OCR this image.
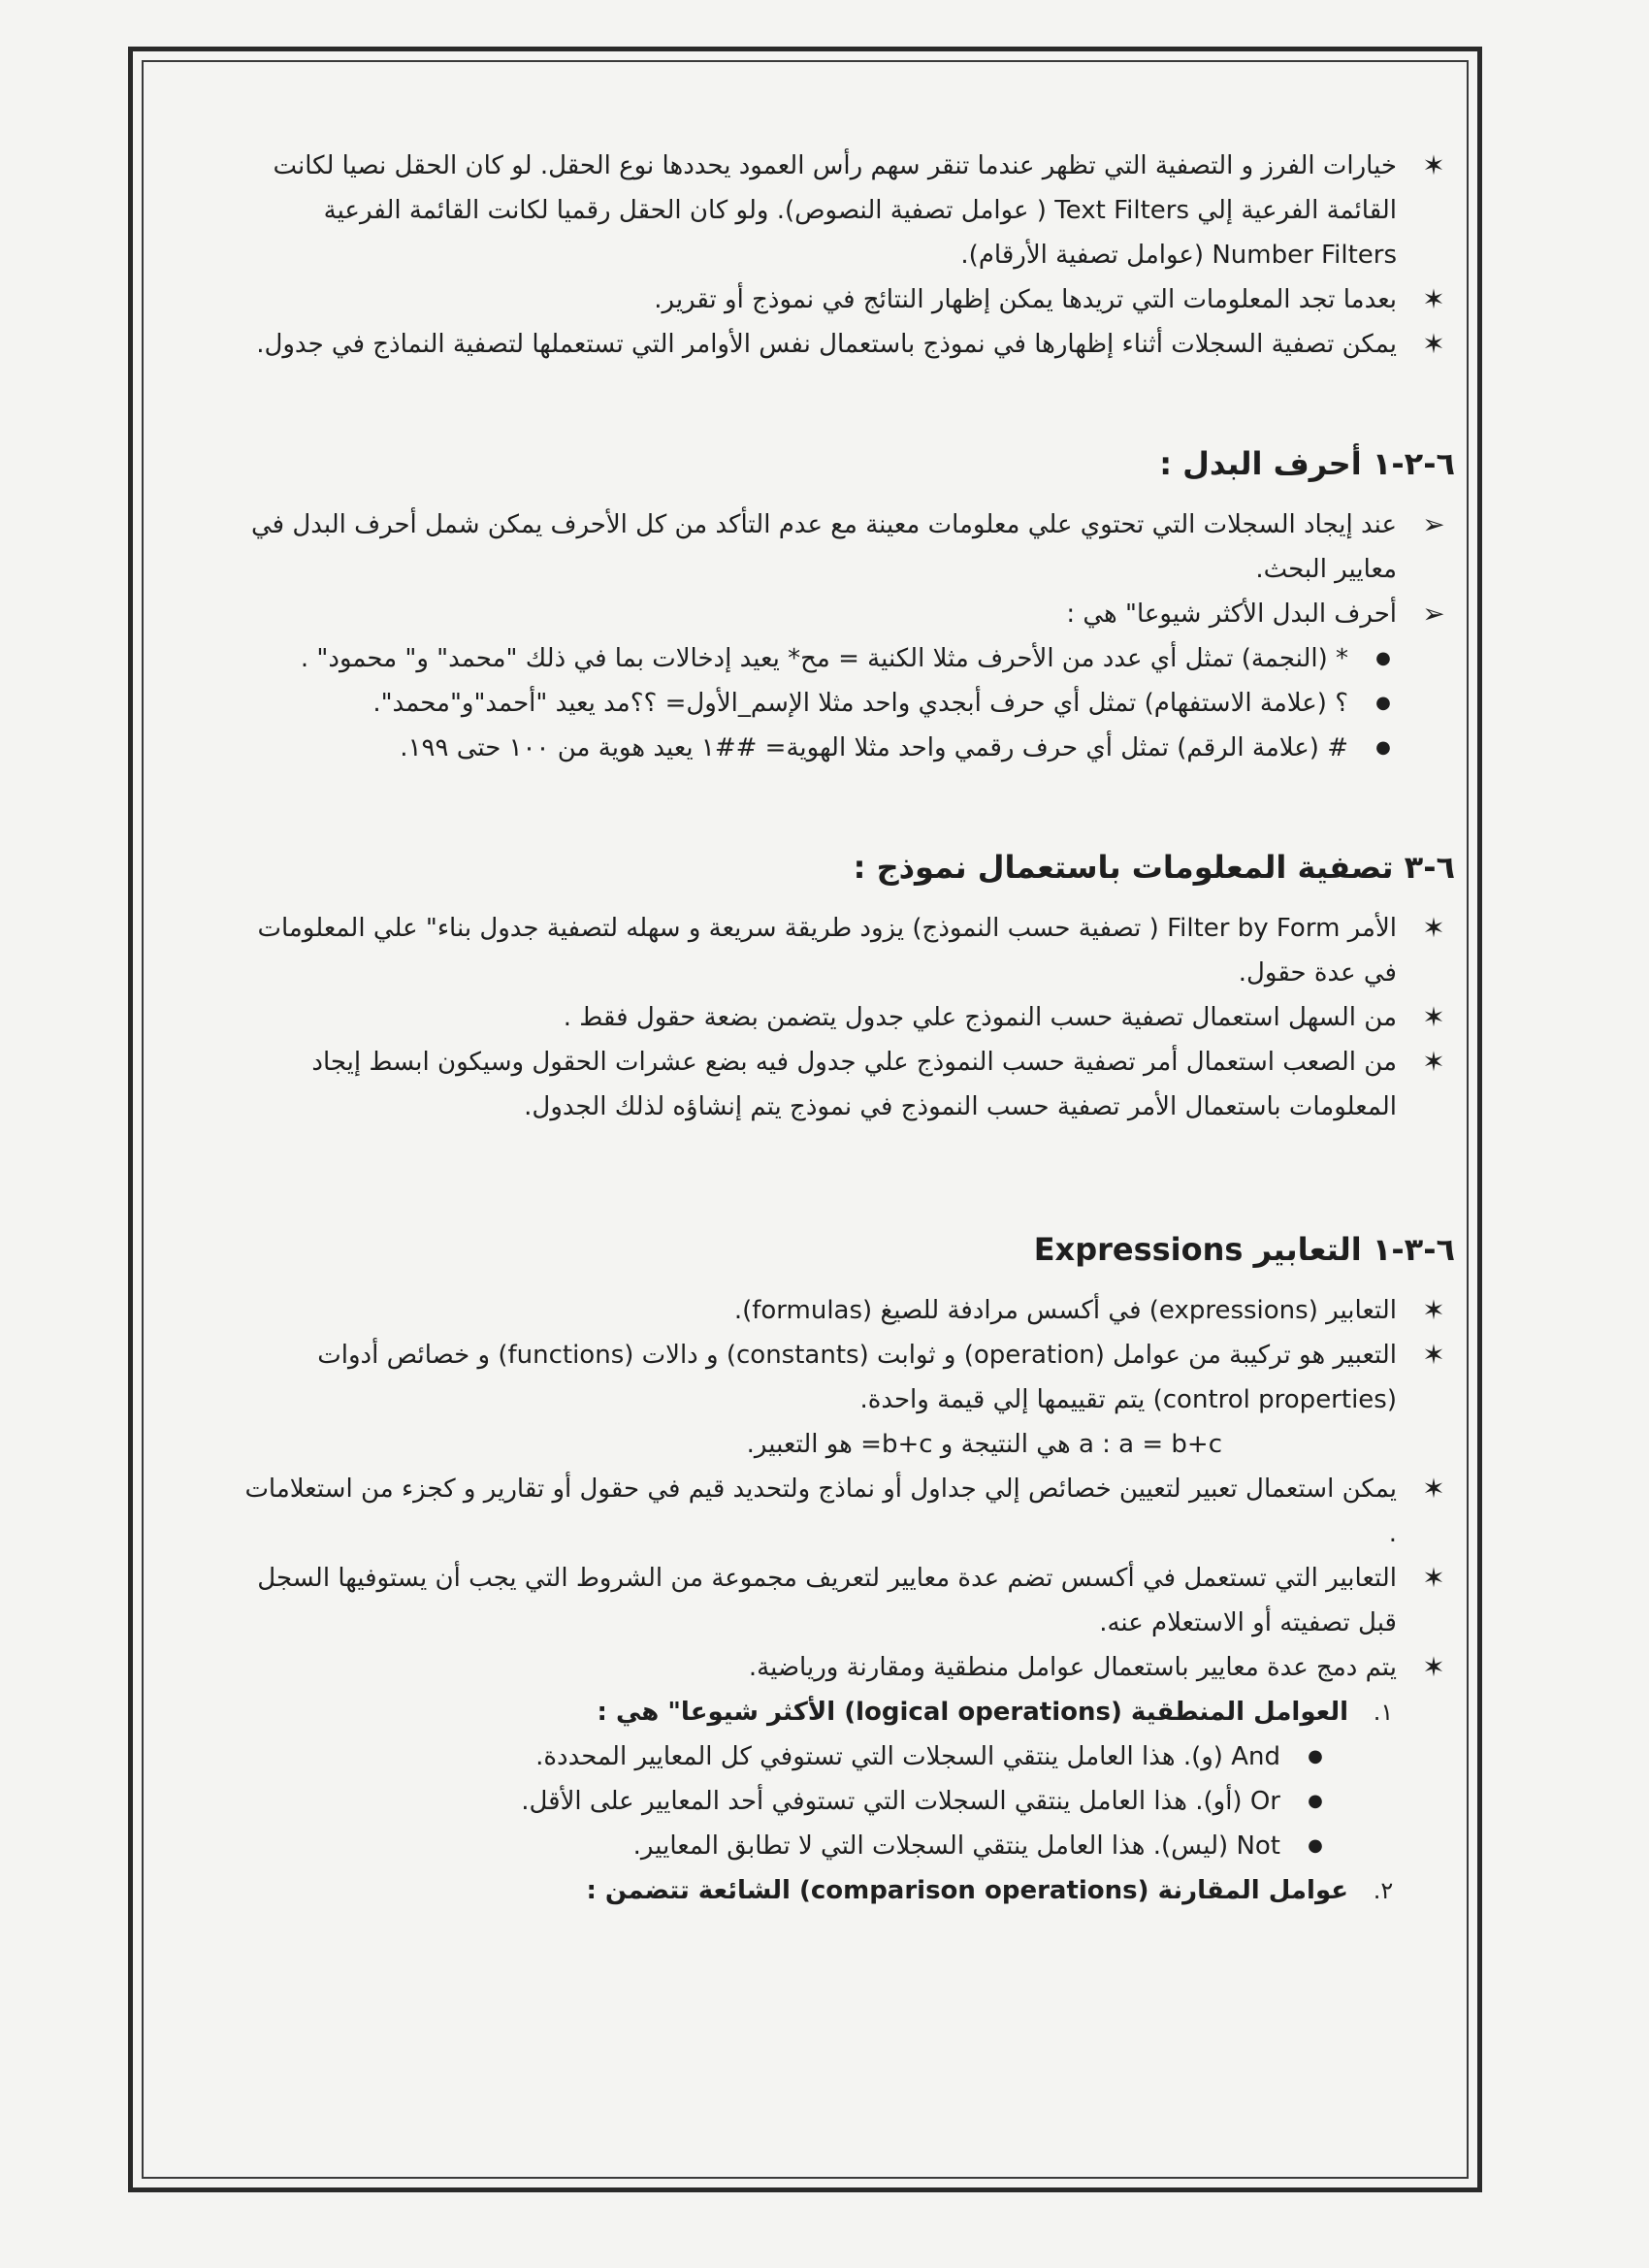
✶
خيارات الفرز و التصفية التي تظهر عندما تنقر سهم رأس العمود يحددها نوع الحقل. لو كان الحقل نصيا لكانت القائمة الفرعية إلي Text Filters ( عوامل تصفية النصوص). ولو كان الحقل رقميا لكانت القائمة الفرعية Number Filters (عوامل تصفية الأرقام).
✶
بعدما تجد المعلومات التي تريدها يمكن إظهار النتائج في نموذج أو تقرير.
✶
يمكن تصفية السجلات أثناء إظهارها في نموذج باستعمال نفس الأوامر التي تستعملها لتصفية النماذج في جدول.
٦-٢-١ أحرف البدل :
➢
عند إيجاد السجلات التي تحتوي علي معلومات معينة مع عدم التأكد من كل الأحرف يمكن شمل أحرف البدل في معايير البحث.
➢
أحرف البدل الأكثر شيوعا" هي :
●
* (النجمة) تمثل أي عدد من الأحرف مثلا الكنية = مح* يعيد إدخالات بما في ذلك "محمد" و" محمود" .
●
؟ (علامة الاستفهام) تمثل أي حرف أبجدي واحد مثلا الإسم_الأول= ؟؟مد يعيد "أحمد"و"محمد".
●
# (علامة الرقم) تمثل أي حرف رقمي واحد مثلا الهوية= ##١ يعيد هوية من ١٠٠ حتى ١٩٩.
٦-٣ تصفية المعلومات باستعمال نموذج :
✶
الأمر Filter by Form ( تصفية حسب النموذج) يزود طريقة سريعة و سهله لتصفية جدول بناء" علي المعلومات في عدة حقول.
✶
من السهل استعمال تصفية حسب النموذج علي جدول يتضمن بضعة حقول فقط .
✶
من الصعب استعمال أمر تصفية حسب النموذج علي جدول فيه بضع عشرات الحقول وسيكون ابسط إيجاد المعلومات باستعمال الأمر تصفية حسب النموذج في نموذج يتم إنشاؤه لذلك الجدول.
٦-٣-١ التعابير Expressions
✶
التعابير (expressions) في أكسس مرادفة للصيغ (formulas).
✶
التعبير هو تركيبة من عوامل (operation) و ثوابت (constants) و دالات (functions) و خصائص أدوات (control properties) يتم تقييمها إلي قيمة واحدة.
a : a = b+c هي النتيجة و b+c= هو التعبير.
✶
يمكن استعمال تعبير لتعيين خصائص إلي جداول أو نماذج ولتحديد قيم في حقول أو تقارير و كجزء من استعلامات .
✶
التعابير التي تستعمل في أكسس تضم عدة معايير لتعريف مجموعة من الشروط التي يجب أن يستوفيها السجل قبل تصفيته أو الاستعلام عنه.
✶
يتم دمج عدة معايير باستعمال عوامل منطقية ومقارنة ورياضية.
١.
العوامل المنطقية (logical operations) الأكثر شيوعا" هي :
●
And (و). هذا العامل ينتقي السجلات التي تستوفي كل المعايير المحددة.
●
Or (أو). هذا العامل ينتقي السجلات التي تستوفي أحد المعايير على الأقل.
●
Not (ليس). هذا العامل ينتقي السجلات التي لا تطابق المعايير.
٢.
عوامل المقارنة (comparison operations) الشائعة تتضمن :
